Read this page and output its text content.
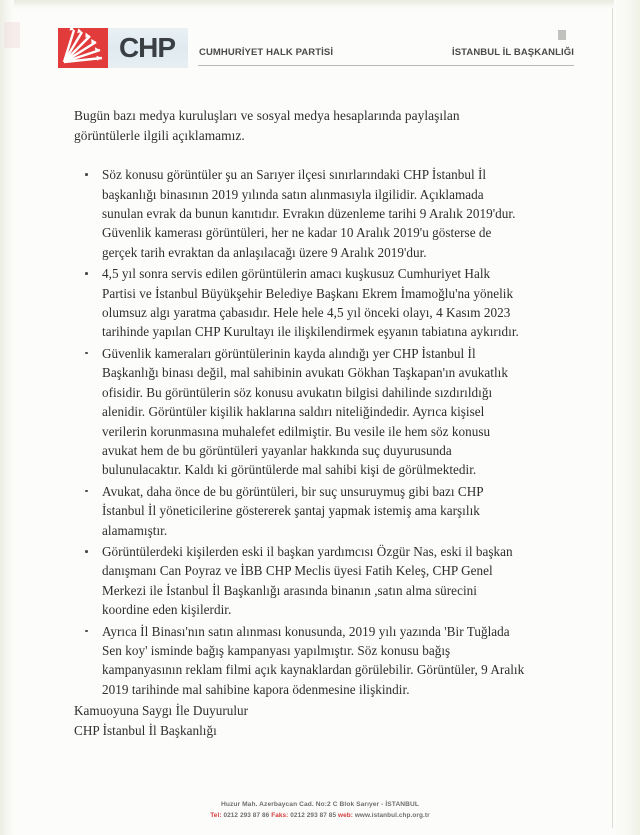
CHP	CUMHURİYET HALK PARTİSİ	İSTANBUL İL BAŞKANLIĞI

Bugün bazı medya kuruluşları ve sosyal medya hesaplarında paylaşılan görüntülerle ilgili açıklamamız.

Söz konusu görüntüler şu an Sarıyer ilçesi sınırlarındaki CHP İstanbul İl başkanlığı binasının 2019 yılında satın alınmasıyla ilgilidir. Açıklamada sunulan evrak da bunun kanıtıdır. Evrakın düzenleme tarihi 9 Aralık 2019'dur. Güvenlik kamerası görüntüleri, her ne kadar 10 Aralık 2019'u gösterse de gerçek tarih evraktan da anlaşılacağı üzere 9 Aralık 2019'dur.
4,5 yıl sonra servis edilen görüntülerin amacı kuşkusuz Cumhuriyet Halk Partisi ve İstanbul Büyükşehir Belediye Başkanı Ekrem İmamoğlu'na yönelik olumsuz algı yaratma çabasıdır. Hele hele 4,5 yıl önceki olayı, 4 Kasım 2023 tarihinde yapılan CHP Kurultayı ile ilişkilendirmek eşyanın tabiatına aykırıdır.
Güvenlik kameraları görüntülerinin kayda alındığı yer CHP İstanbul İl Başkanlığı binası değil, mal sahibinin avukatı Gökhan Taşkapan'ın avukatlık ofisidir. Bu görüntülerin söz konusu avukatın bilgisi dahilinde sızdırıldığı alenidir. Görüntüler kişilik haklarına saldırı niteliğindedir. Ayrıca kişisel verilerin korunmasına muhalefet edilmiştir. Bu vesile ile hem söz konusu avukat hem de bu görüntüleri yayanlar hakkında suç duyurusunda bulunulacaktır. Kaldı ki görüntülerde mal sahibi kişi de görülmektedir.
Avukat, daha önce de bu görüntüleri, bir suç unsuruymuş gibi bazı CHP İstanbul İl yöneticilerine göstererek şantaj yapmak istemiş ama karşılık alamamıştır.
Görüntülerdeki kişilerden eski il başkan yardımcısı Özgür Nas, eski il başkan danışmanı Can Poyraz ve İBB CHP Meclis üyesi Fatih Keleş, CHP Genel Merkezi ile İstanbul İl Başkanlığı arasında binanın ,satın alma sürecini koordine eden kişilerdir.
Ayrıca İl Binası'nın satın alınması konusunda, 2019 yılı yazında 'Bir Tuğlada Sen koy' isminde bağış kampanyası yapılmıştır. Söz konusu bağış kampanyasının reklam filmi açık kaynaklardan görülebilir. Görüntüler, 9 Aralık 2019 tarihinde mal sahibine kapora ödenmesine ilişkindir.

Kamuoyuna Saygı İle Duyurulur

CHP İstanbul İl Başkanlığı

Huzur Mah. Azerbaycan Cad. No:2 C Blok Sarıyer - İSTANBUL
Tel: 0212 293 87 86 Faks: 0212 293 87 85 web: www.istanbul.chp.org.tr
